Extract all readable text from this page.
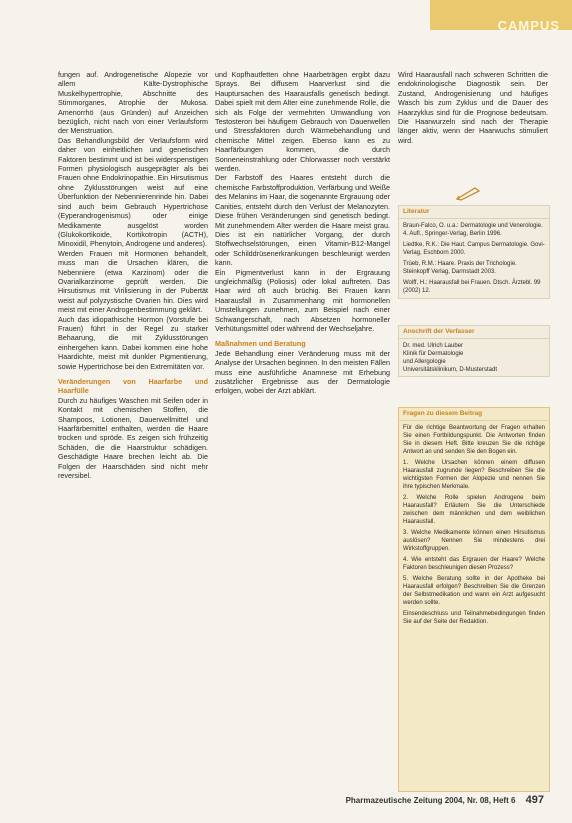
CAMPUS

fungen auf. Androgenetische Alopezie vor allem Kälte-Dystrophische Muskelhypertrophie, Abschnitte des Stimmorganes, Atrophie der Mukosa. Amenorrhö (aus Gründen) auf Anzeichen bezüglich, nicht nach von einer Verlaufsform der Menstruation.

Das Behandlungsbild der Verlaufsform wird daher von einheitlichen und genetischen Faktoren bestimmt und ist bei widerspenstigen Formen physiologisch ausgeprägter als bei Frauen ohne Endokrinopathie. Ein Hirsutismus ohne Zyklusstörungen weist auf eine Überfunktion der Nebennierenrinde hin. Dabei sind auch beim Gebrauch Hypertrichose (Eyperandrogenismus) oder einige Medikamente ausgelöst worden (Glukokortikoide, Kortikotropin (ACTH), Minoxidil, Phenytoin, Androgene und anderes).

Werden Frauen mit Hormonen behandelt, muss man die Ursachen klären, die Nebenniere (etwa Karzinom) oder die Ovarialkarzinome geprüft werden. Die Hirsutismus mit Virilisierung in der Pubertät weist auf polyzystische Ovarien hin. Dies wird meist mit einer Androgenbestimmung geklärt.

Auch das idiopathische Hormon (Vorstufe bei Frauen) führt in der Regel zu starker Behaarung, die mit Zyklusstörungen einhergehen kann. Dabei kommen eine hohe Haardichte, meist mit dunkler Pigmentierung, sowie Hypertrichose bei den Extremitäten vor.

Veränderungen von Haarfarbe und Haarfülle

Durch zu häufiges Waschen mit Seifen oder in Kontakt mit chemischen Stoffen, die Shampoos, Lotionen, Dauerwellmittel und Haarfärbemittel enthalten, werden die Haare trocken und spröde. Es zeigen sich frühzeitig Schäden, die die Haarstruktur schädigen. Geschädigte Haare brechen leicht ab. Die Folgen der Haarschäden sind nicht mehr reversibel.

und Kopfhautfetten ohne Haarbeträgen ergibt dazu Sprays. Bei diffusem Haarverlust sind die Hauptursachen des Haarausfalls genetisch bedingt. Dabei spielt mit dem Alter eine zunehmende Rolle, die sich als Folge der vermehrten Umwandlung von Testosteron bei häufigem Gebrauch von Dauerwellen und Stressfaktoren durch Wärmebehandlung und chemische Mittel zeigen. Ebenso kann es zu Haarfärbungen kommen, die durch Sonneneinstrahlung oder Chlorwasser noch verstärkt werden.

Der Farbstoff des Haares entsteht durch die chemische Farbstoffproduktion. Verfärbung und Weiße des Melanins im Haar, die sogenannte Ergrauung oder Canities, entsteht durch den Verlust der Melanozyten. Diese frühen Veränderungen sind genetisch bedingt. Mit zunehmendem Alter werden die Haare meist grau. Dies ist ein natürlicher Vorgang, der durch Stoffwechselstörungen, einen Vitamin-B12-Mangel oder Schilddrüsenerkrankungen beschleunigt werden kann.

Ein Pigmentverlust kann in der Ergrauung ungleichmäßig (Poliosis) oder lokal auftreten. Das Haar wird oft auch brüchig. Bei Frauen kann Haarausfall in Zusammenhang mit hormonellen Umstellungen zunehmen, zum Beispiel nach einer Schwangerschaft, nach Absetzen hormoneller Verhütungsmittel oder während der Wechseljahre.

Maßnahmen und Beratung

Jede Behandlung einer Veränderung muss mit der Analyse der Ursachen beginnen. In den meisten Fällen muss eine ausführliche Anamnese mit Erhebung zusätzlicher Ergebnisse aus der Dermatologie erfolgen, wobei der Arzt abklärt.

Wird Haarausfall nach schweren Schritten die endokrinologische Diagnostik sein. Der Zustand, Androgenisierung und häufiges Wasch bis zum Zyklus und die Dauer des Haarzyklus sind für die Prognose bedeutsam. Die Haarwurzeln sind nach der Therapie länger aktiv, wenn der Haarwuchs stimuliert wird.

Literatur
Braun-Falco, O. u.a.: Dermatologie und Venerologie. 4. Aufl., Springer-Verlag, Berlin 1996.
Liedtke, R.K.: Die Haut. Campus Dermatologie. Govi-Verlag, Eschborn 2000.
Trüeb, R.M.: Haare. Praxis der Trichologie. Steinkopff Verlag, Darmstadt 2003.
Wolff, H.: Haarausfall bei Frauen. Dtsch. Ärztebl. 99 (2002) 12.
Anschrift der Verfasser
Dr. med. Ulrich Lauber
Klinik für Dermatologie
und Allergologie
Universitätsklinikum, D-Musterstadt
Fragen zu diesem Beitrag
Für die richtige Beantwortung der Fragen erhalten Sie einen Fortbildungspunkt. Die Antworten finden Sie in diesem Heft. Bitte kreuzen Sie die richtige Antwort an und senden Sie den Bogen ein.
1. Welche Ursachen können einem diffusen Haarausfall zugrunde liegen? Beschreiben Sie die wichtigsten Formen der Alopezie und nennen Sie ihre typischen Merkmale.
2. Welche Rolle spielen Androgene beim Haarausfall? Erläutern Sie die Unterschiede zwischen dem männlichen und dem weiblichen Haarausfall.
3. Welche Medikamente können einen Hirsutismus auslösen? Nennen Sie mindestens drei Wirkstoffgruppen.
4. Wie entsteht das Ergrauen der Haare? Welche Faktoren beschleunigen diesen Prozess?
5. Welche Beratung sollte in der Apotheke bei Haarausfall erfolgen? Beschreiben Sie die Grenzen der Selbstmedikation und wann ein Arzt aufgesucht werden sollte.
Einsendeschluss und Teilnahmebedingungen finden Sie auf der Seite der Redaktion.
Pharmazeutische Zeitung 2004, Nr. 08, Heft 6 497
